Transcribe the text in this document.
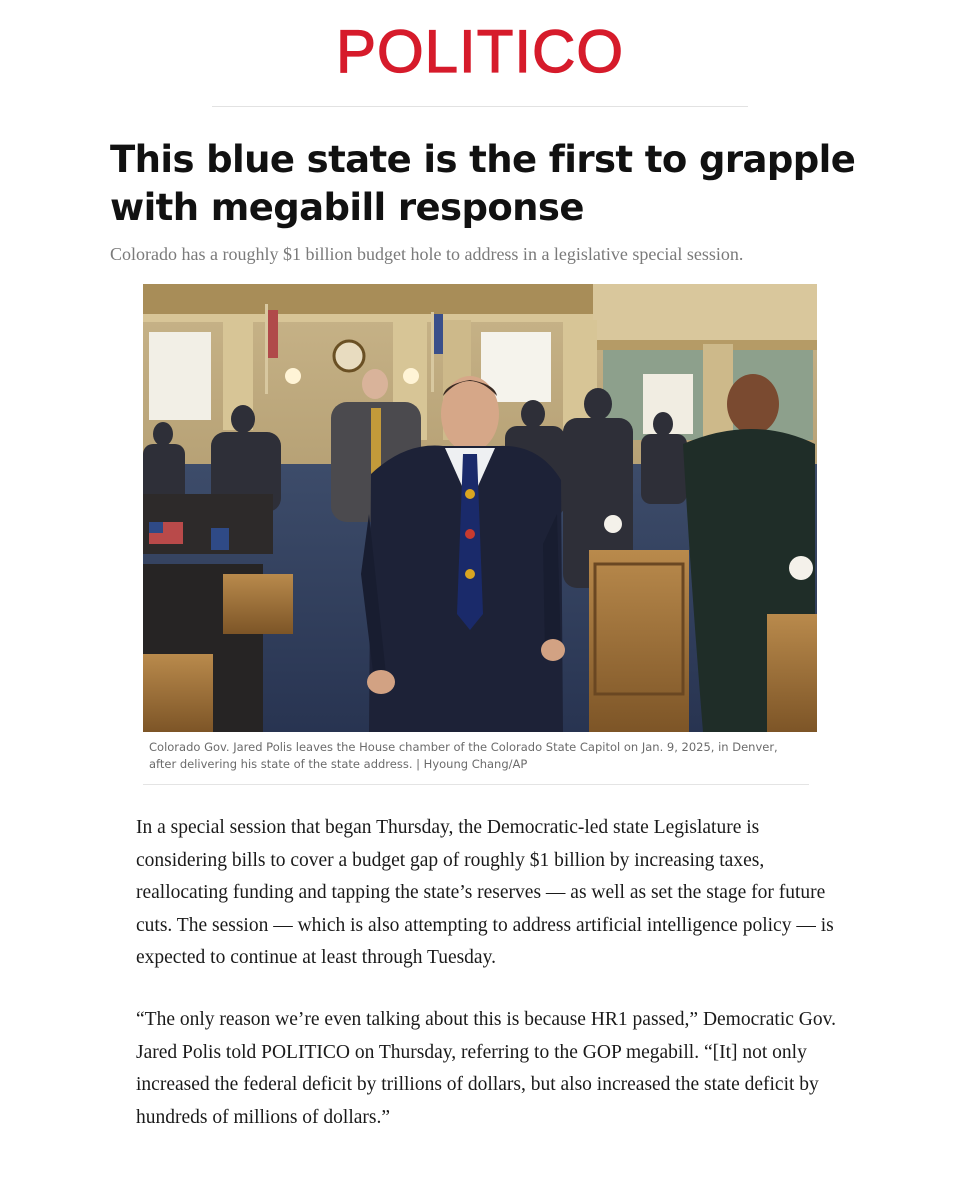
POLITICO
This blue state is the first to grapple with megabill response

Colorado has a roughly $1 billion budget hole to address in a legislative special session.

Colorado Gov. Jared Polis leaves the House chamber of the Colorado State Capitol on Jan. 9, 2025, in Denver, after delivering his state of the state address. | Hyoung Chang/AP

In a special session that began Thursday, the Democratic-led state Legislature is considering bills to cover a budget gap of roughly $1 billion by increasing taxes, reallocating funding and tapping the state’s reserves — as well as set the stage for future cuts. The session — which is also attempting to address artificial intelligence policy — is expected to continue at least through Tuesday.

“The only reason we’re even talking about this is because HR1 passed,” Democratic Gov. Jared Polis told POLITICO on Thursday, referring to the GOP megabill. “[It] not only increased the federal deficit by trillions of dollars, but also increased the state deficit by hundreds of millions of dollars.”
